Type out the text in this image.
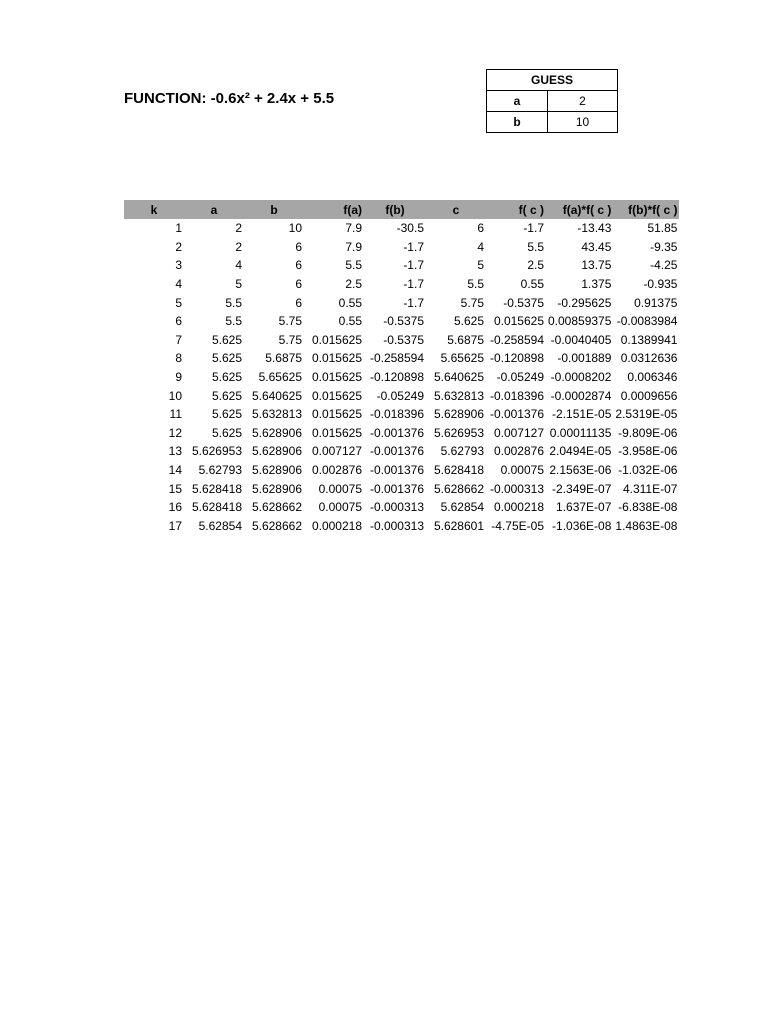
FUNCTION: -0.6x² + 2.4x + 5.5
GUESS	
a	2
b	10
k	a	b	f(a)	f(b)	c	f( c )	f(a)*f( c )	f(b)*f( c )
1	2	10	7.9	-30.5	6	-1.7	-13.43	51.85
2	2	6	7.9	-1.7	4	5.5	43.45	-9.35
3	4	6	5.5	-1.7	5	2.5	13.75	-4.25
4	5	6	2.5	-1.7	5.5	0.55	1.375	-0.935
5	5.5	6	0.55	-1.7	5.75	-0.5375	-0.295625	0.91375
6	5.5	5.75	0.55	-0.5375	5.625	0.015625	0.00859375	-0.0083984
7	5.625	5.75	0.015625	-0.5375	5.6875	-0.258594	-0.0040405	0.1389941
8	5.625	5.6875	0.015625	-0.258594	5.65625	-0.120898	-0.001889	0.0312636
9	5.625	5.65625	0.015625	-0.120898	5.640625	-0.05249	-0.0008202	0.006346
10	5.625	5.640625	0.015625	-0.05249	5.632813	-0.018396	-0.0002874	0.0009656
11	5.625	5.632813	0.015625	-0.018396	5.628906	-0.001376	-2.151E-05	2.5319E-05
12	5.625	5.628906	0.015625	-0.001376	5.626953	0.007127	0.00011135	-9.809E-06
13	5.626953	5.628906	0.007127	-0.001376	5.62793	0.002876	2.0494E-05	-3.958E-06
14	5.62793	5.628906	0.002876	-0.001376	5.628418	0.00075	2.1563E-06	-1.032E-06
15	5.628418	5.628906	0.00075	-0.001376	5.628662	-0.000313	-2.349E-07	4.311E-07
16	5.628418	5.628662	0.00075	-0.000313	5.62854	0.000218	1.637E-07	-6.838E-08
17	5.62854	5.628662	0.000218	-0.000313	5.628601	-4.75E-05	-1.036E-08	1.4863E-08
